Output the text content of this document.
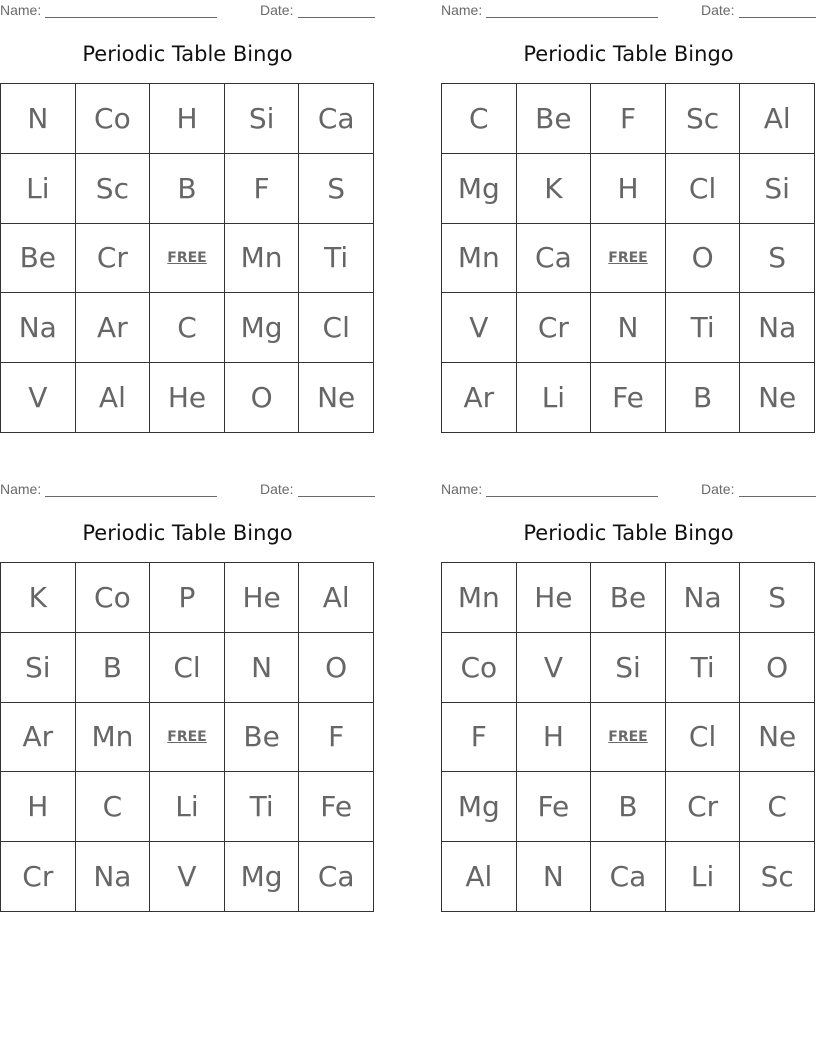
Name:	Date:
Periodic Table Bingo
N	Co	H	Si	Ca
Li	Sc	B	F	S
Be	Cr	FREE	Mn	Ti
Na	Ar	C	Mg	Cl
V	Al	He	O	Ne
Name:	Date:
Periodic Table Bingo
C	Be	F	Sc	Al
Mg	K	H	Cl	Si
Mn	Ca	FREE	O	S
V	Cr	N	Ti	Na
Ar	Li	Fe	B	Ne
Name:	Date:
Periodic Table Bingo
K	Co	P	He	Al
Si	B	Cl	N	O
Ar	Mn	FREE	Be	F
H	C	Li	Ti	Fe
Cr	Na	V	Mg	Ca
Name:	Date:
Periodic Table Bingo
Mn	He	Be	Na	S
Co	V	Si	Ti	O
F	H	FREE	Cl	Ne
Mg	Fe	B	Cr	C
Al	N	Ca	Li	Sc
